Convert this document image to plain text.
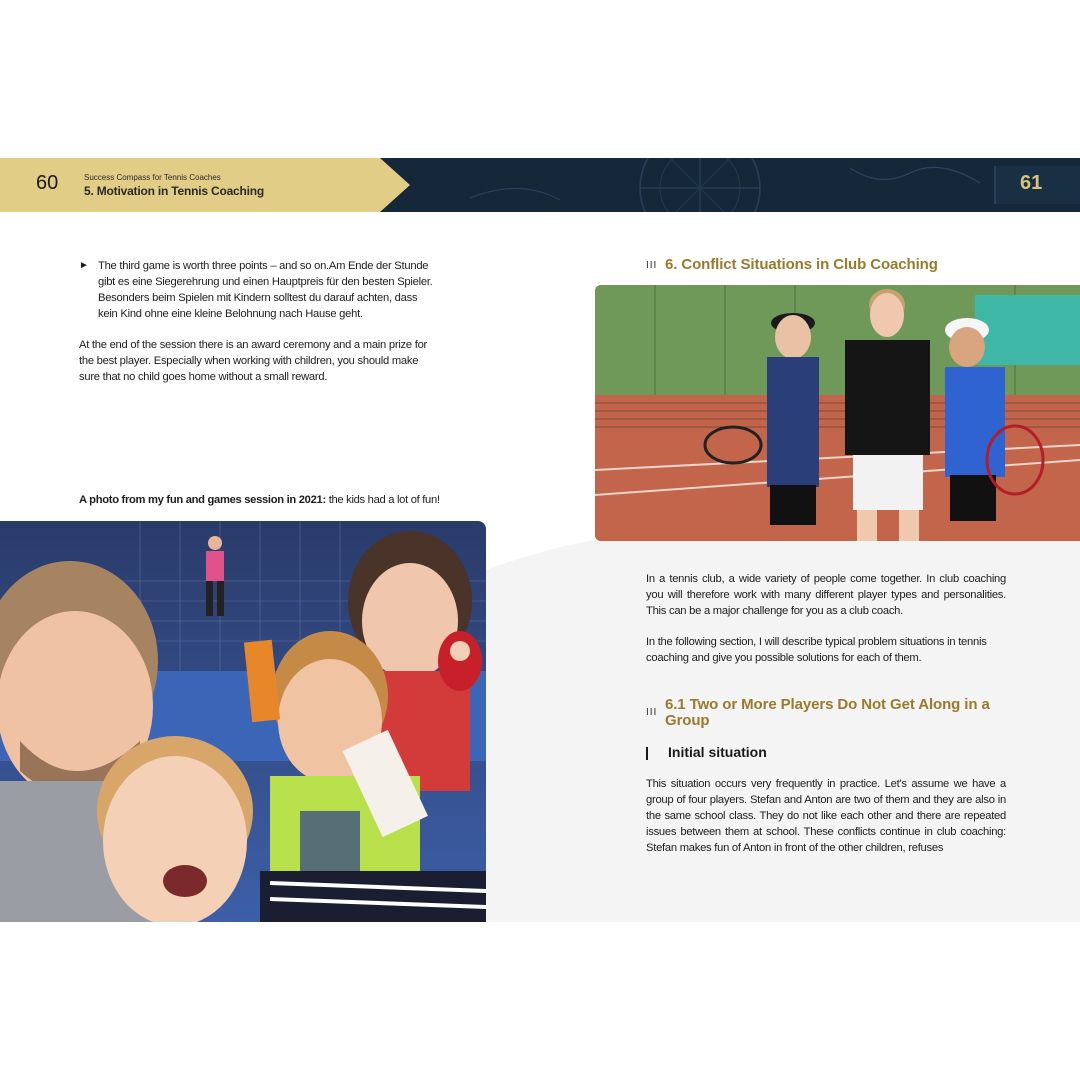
60	Success Compass for Tennis Coaches
5. Motivation in Tennis Coaching	61
► The third game is worth three points – and so on.Am Ende der Stunde gibt es eine Siegerehrung und einen Hauptpreis für den besten Spieler. Besonders beim Spielen mit Kindern solltest du darauf achten, dass kein Kind ohne eine kleine Belohnung nach Hause geht.
At the end of the session there is an award ceremony and a main prize for the best player. Especially when working with children, you should make sure that no child goes home without a small reward.
A photo from my fun and games session in 2021: the kids had a lot of fun!
III 6. Conflict Situations in Club Coaching
In a tennis club, a wide variety of people come together. In club coaching you will therefore work with many different player types and personalities. This can be a major challenge for you as a club coach.
In the following section, I will describe typical problem situations in tennis coaching and give you possible solutions for each of them.
III 6.1 Two or More Players Do Not Get Along in a Group
Initial situation
This situation occurs very frequently in practice. Let's assume we have a group of four players. Stefan and Anton are two of them and they are also in the same school class. They do not like each other and there are repeated issues between them at school. These conflicts continue in club coaching: Stefan makes fun of Anton in front of the other children, refuses
